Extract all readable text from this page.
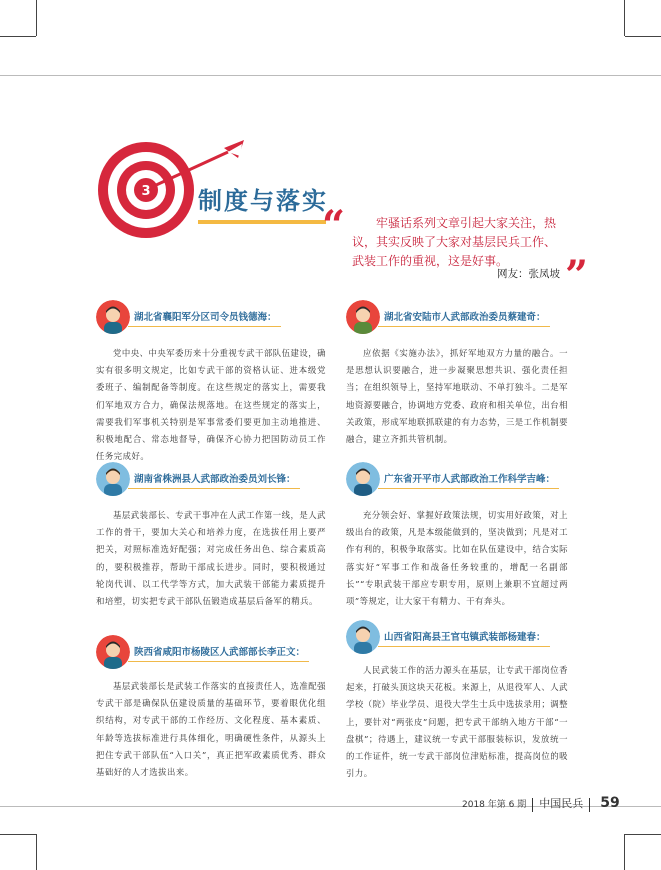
3 制度与落实
“	牢骚话系列文章引起大家关注，热议，其实反映了大家对基层民兵工作、武装工作的重视，这是好事。
网友：张凤坡 ”
湖北省襄阳军分区司令员钱德海：
党中央、中央军委历来十分重视专武干部队伍建设，确实有很多明文规定，比如专武干部的资格认证、进本级党委班子、编制配备等制度。在这些规定的落实上，需要我们军地双方合力，确保法规落地。在这些规定的落实上，需要我们军事机关特别是军事常委们要更加主动地推进、积极地配合、常态地督导，确保齐心协力把国防动员工作任务完成好。
湖北省安陆市人武部政治委员蔡建奇：
应依据《实施办法》，抓好军地双方力量的融合。一是思想认识要融合，进一步凝聚思想共识、强化责任担当；在组织领导上，坚持军地联动、不单打独斗。二是军地资源要融合，协调地方党委、政府和相关单位，出台相关政策，形成军地联抓联建的有力态势，三是工作机制要融合，建立齐抓共管机制。
湖南省株洲县人武部政治委员刘长锋：
基层武装部长、专武干事冲在人武工作第一线，是人武工作的骨干，要加大关心和培养力度，在选拔任用上要严把关，对照标准选好配强；对完成任务出色、综合素质高的，要积极推荐，帮助干部成长进步。同时，要积极通过轮岗代训、以工代学等方式，加大武装干部能力素质提升和培塑，切实把专武干部队伍锻造成基层后备军的精兵。
广东省开平市人武部政治工作科学吉峰：
充分领会好、掌握好政策法规，切实用好政策，对上级出台的政策，凡是本级能做到的，坚决做到；凡是对工作有利的，积极争取落实。比如在队伍建设中，结合实际落实好“军事工作和战备任务较重的，增配一名副部长”“专职武装干部应专职专用，原则上兼职不宜超过两项”等规定，让大家干有精力、干有奔头。
陕西省咸阳市杨陵区人武部部长李正文：
基层武装部长是武装工作落实的直接责任人，选准配强专武干部是确保队伍建设质量的基础环节，要着眼优化组织结构，对专武干部的工作经历、文化程度、基本素质、年龄等选拔标准进行具体细化，明确硬性条件，从源头上把住专武干部队伍“入口关”，真正把军政素质优秀、群众基础好的人才选拔出来。
山西省阳高县王官屯镇武装部杨建春：
人民武装工作的活力源头在基层，让专武干部岗位香起来，打破头顶这块天花板。来源上，从退役军人、人武学校（院）毕业学员、退役大学生士兵中选拔录用；调整上，要针对“两张皮”问题，把专武干部纳入地方干部“一盘棋”；待遇上，建议统一专武干部服装标识，发放统一的工作证件，统一专武干部岗位津贴标准，提高岗位的吸引力。
2018 年第 6 期 中国民兵 59
